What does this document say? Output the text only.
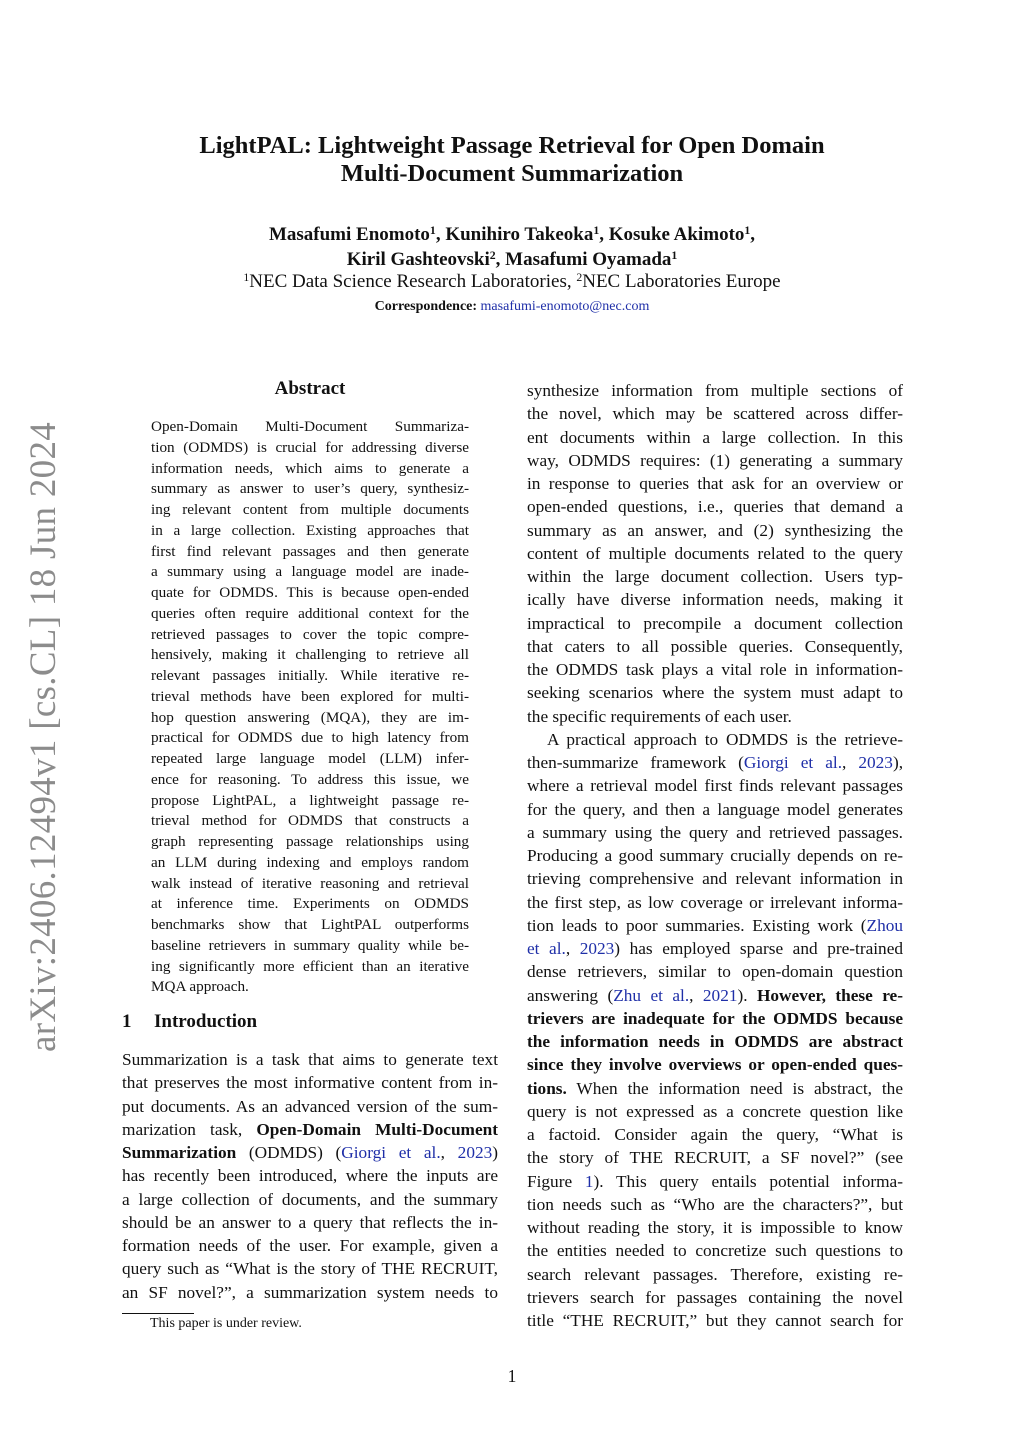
arXiv:2406.12494v1 [cs.CL] 18 Jun 2024
LightPAL: Lightweight Passage Retrieval for Open Domain
Multi-Document Summarization
Masafumi Enomoto$^1$, Kunihiro Takeoka$^1$, Kosuke Akimoto$^1$,
Kiril Gashteovski$^2$, Masafumi Oyamada$^1$
$^1$NEC Data Science Research Laboratories, $^2$NEC Laboratories Europe
Correspondence: masafumi-enomoto@nec.com
Abstract
Open-Domain Multi-Document Summariza-
tion (ODMDS) is crucial for addressing diverse
information needs, which aims to generate a
summary as answer to user’s query, synthesiz-
ing relevant content from multiple documents
in a large collection. Existing approaches that
first find relevant passages and then generate
a summary using a language model are inade-
quate for ODMDS. This is because open-ended
queries often require additional context for the
retrieved passages to cover the topic compre-
hensively, making it challenging to retrieve all
relevant passages initially. While iterative re-
trieval methods have been explored for multi-
hop question answering (MQA), they are im-
practical for ODMDS due to high latency from
repeated large language model (LLM) infer-
ence for reasoning. To address this issue, we
propose LightPAL, a lightweight passage re-
trieval method for ODMDS that constructs a
graph representing passage relationships using
an LLM during indexing and employs random
walk instead of iterative reasoning and retrieval
at inference time. Experiments on ODMDS
benchmarks show that LightPAL outperforms
baseline retrievers in summary quality while be-
ing significantly more efficient than an iterative
MQA approach.
1 Introduction
Summarization is a task that aims to generate text
that preserves the most informative content from in-
put documents. As an advanced version of the sum-
marization task, Open-Domain Multi-Document
Summarization (ODMDS) (Giorgi et al., 2023)
has recently been introduced, where the inputs are
a large collection of documents, and the summary
should be an answer to a query that reflects the in-
formation needs of the user. For example, given a
query such as “What is the story of THE RECRUIT,
an SF novel?”, a summarization system needs to
synthesize information from multiple sections of
the novel, which may be scattered across differ-
ent documents within a large collection. In this
way, ODMDS requires: (1) generating a summary
in response to queries that ask for an overview or
open-ended questions, i.e., queries that demand a
summary as an answer, and (2) synthesizing the
content of multiple documents related to the query
within the large document collection. Users typ-
ically have diverse information needs, making it
impractical to precompile a document collection
that caters to all possible queries. Consequently,
the ODMDS task plays a vital role in information-
seeking scenarios where the system must adapt to
the specific requirements of each user.
A practical approach to ODMDS is the retrieve-
then-summarize framework (Giorgi et al., 2023),
where a retrieval model first finds relevant passages
for the query, and then a language model generates
a summary using the query and retrieved passages.
Producing a good summary crucially depends on re-
trieving comprehensive and relevant information in
the first step, as low coverage or irrelevant informa-
tion leads to poor summaries. Existing work (Zhou
et al., 2023) has employed sparse and pre-trained
dense retrievers, similar to open-domain question
answering (Zhu et al., 2021). However, these re-
trievers are inadequate for the ODMDS because
the information needs in ODMDS are abstract
since they involve overviews or open-ended ques-
tions. When the information need is abstract, the
query is not expressed as a concrete question like
a factoid. Consider again the query, “What is
the story of THE RECRUIT, a SF novel?” (see
Figure 1). This query entails potential informa-
tion needs such as “Who are the characters?”, but
without reading the story, it is impossible to know
the entities needed to concretize such questions to
search relevant passages. Therefore, existing re-
trievers search for passages containing the novel
title “THE RECRUIT,” but they cannot search for
This paper is under review.
1
